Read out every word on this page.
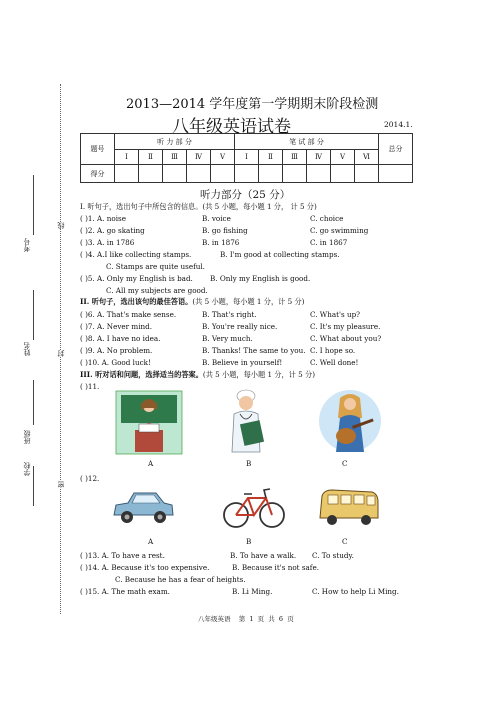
考号
姓名
班级
学校
线
封
密
2013—2014 学年度第一学期期末阶段检测
八年级英语试卷	2014.1.
题号	听 力 部 分					笔 试 部 分						总分
	Ⅰ	Ⅱ	Ⅲ	Ⅳ	Ⅴ	Ⅰ	Ⅱ	Ⅲ	Ⅳ	Ⅴ	Ⅵ	
得分												
听力部分（25 分）
I. 听句子，选出句子中所包含的信息。(共 5 小题，每小题 1 分， 计 5 分)
( )1. A. noise	B. voice	C. choice
( )2. A. go skating	B. go fishing	C. go swimming
( )3. A. in 1786	B. in 1876	C. in 1867
( )4. A.I like collecting stamps.	B. I'm good at collecting stamps.
C. Stamps are quite useful.
( )5. A. Only my English is bad. B. Only my English is good.
C. All my subjects are good.
II. 听句子，选出该句的最佳答语。(共 5 小题，每小题 1 分，计 5 分)
( )6. A. That's make sense.	B. That's right.	C. What's up?
( )7. A. Never mind.	B. You're really nice.	C. It's my pleasure.
( )8. A. I have no idea.	B. Very much.	C. What about you?
( )9. A. No problem.	B. Thanks! The same to you. C. I hope so.
( )10. A. Good luck!	B. Believe in yourself!	C. Well done!
III. 听对话和问题，选择适当的答案。(共 5 小题，每小题 1 分，计 5 分)
( )11.
A	B	C
( )12.
A	B	C
( )13. A. To have a rest.	B. To have a walk. C. To study.
( )14. A. Because it's too expensive.	B. Because it's not safe.
C. Because he has a fear of heights.
( )15. A. The math exam.	B. Li Ming.	C. How to help Li Ming.
八年级英语    第  1  页  共  6  页
